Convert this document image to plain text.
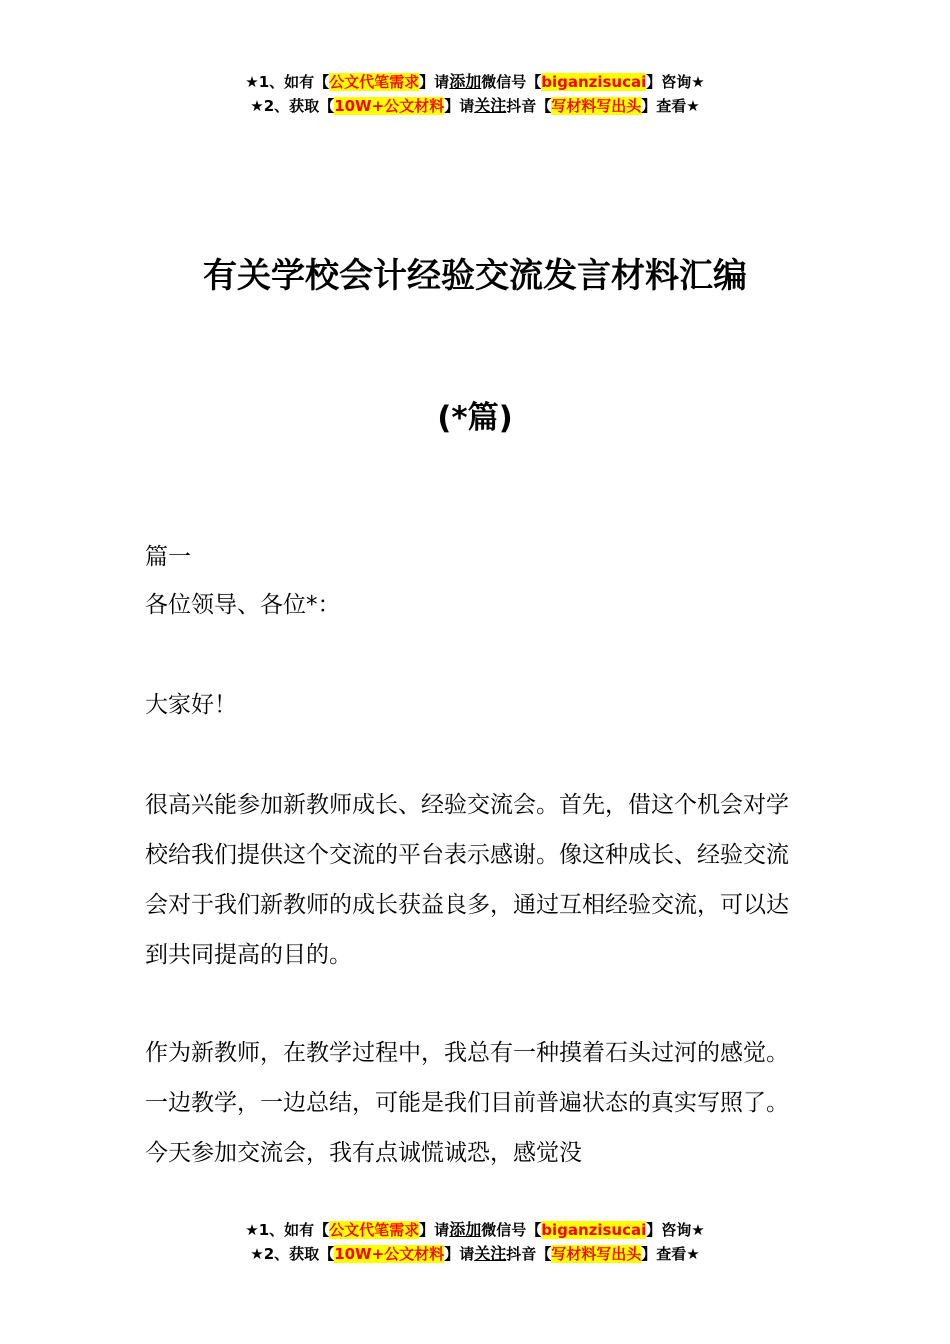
★1、如有【公文代笔需求】请添加微信号【biganzisucai】咨询★
★2、获取【10W+公文材料】请关注抖音【写材料写出头】查看★
有关学校会计经验交流发言材料汇编
(*篇)
篇一
各位领导、各位*：
大家好！
很高兴能参加新教师成长、经验交流会。首先，借这个机会对学校给我们提供这个交流的平台表示感谢。像这种成长、经验交流会对于我们新教师的成长获益良多，通过互相经验交流，可以达到共同提高的目的。
作为新教师，在教学过程中，我总有一种摸着石头过河的感觉。一边教学，一边总结，可能是我们目前普遍状态的真实写照了。今天参加交流会，我有点诚慌诚恐，感觉没
★1、如有【公文代笔需求】请添加微信号【biganzisucai】咨询★
★2、获取【10W+公文材料】请关注抖音【写材料写出头】查看★
